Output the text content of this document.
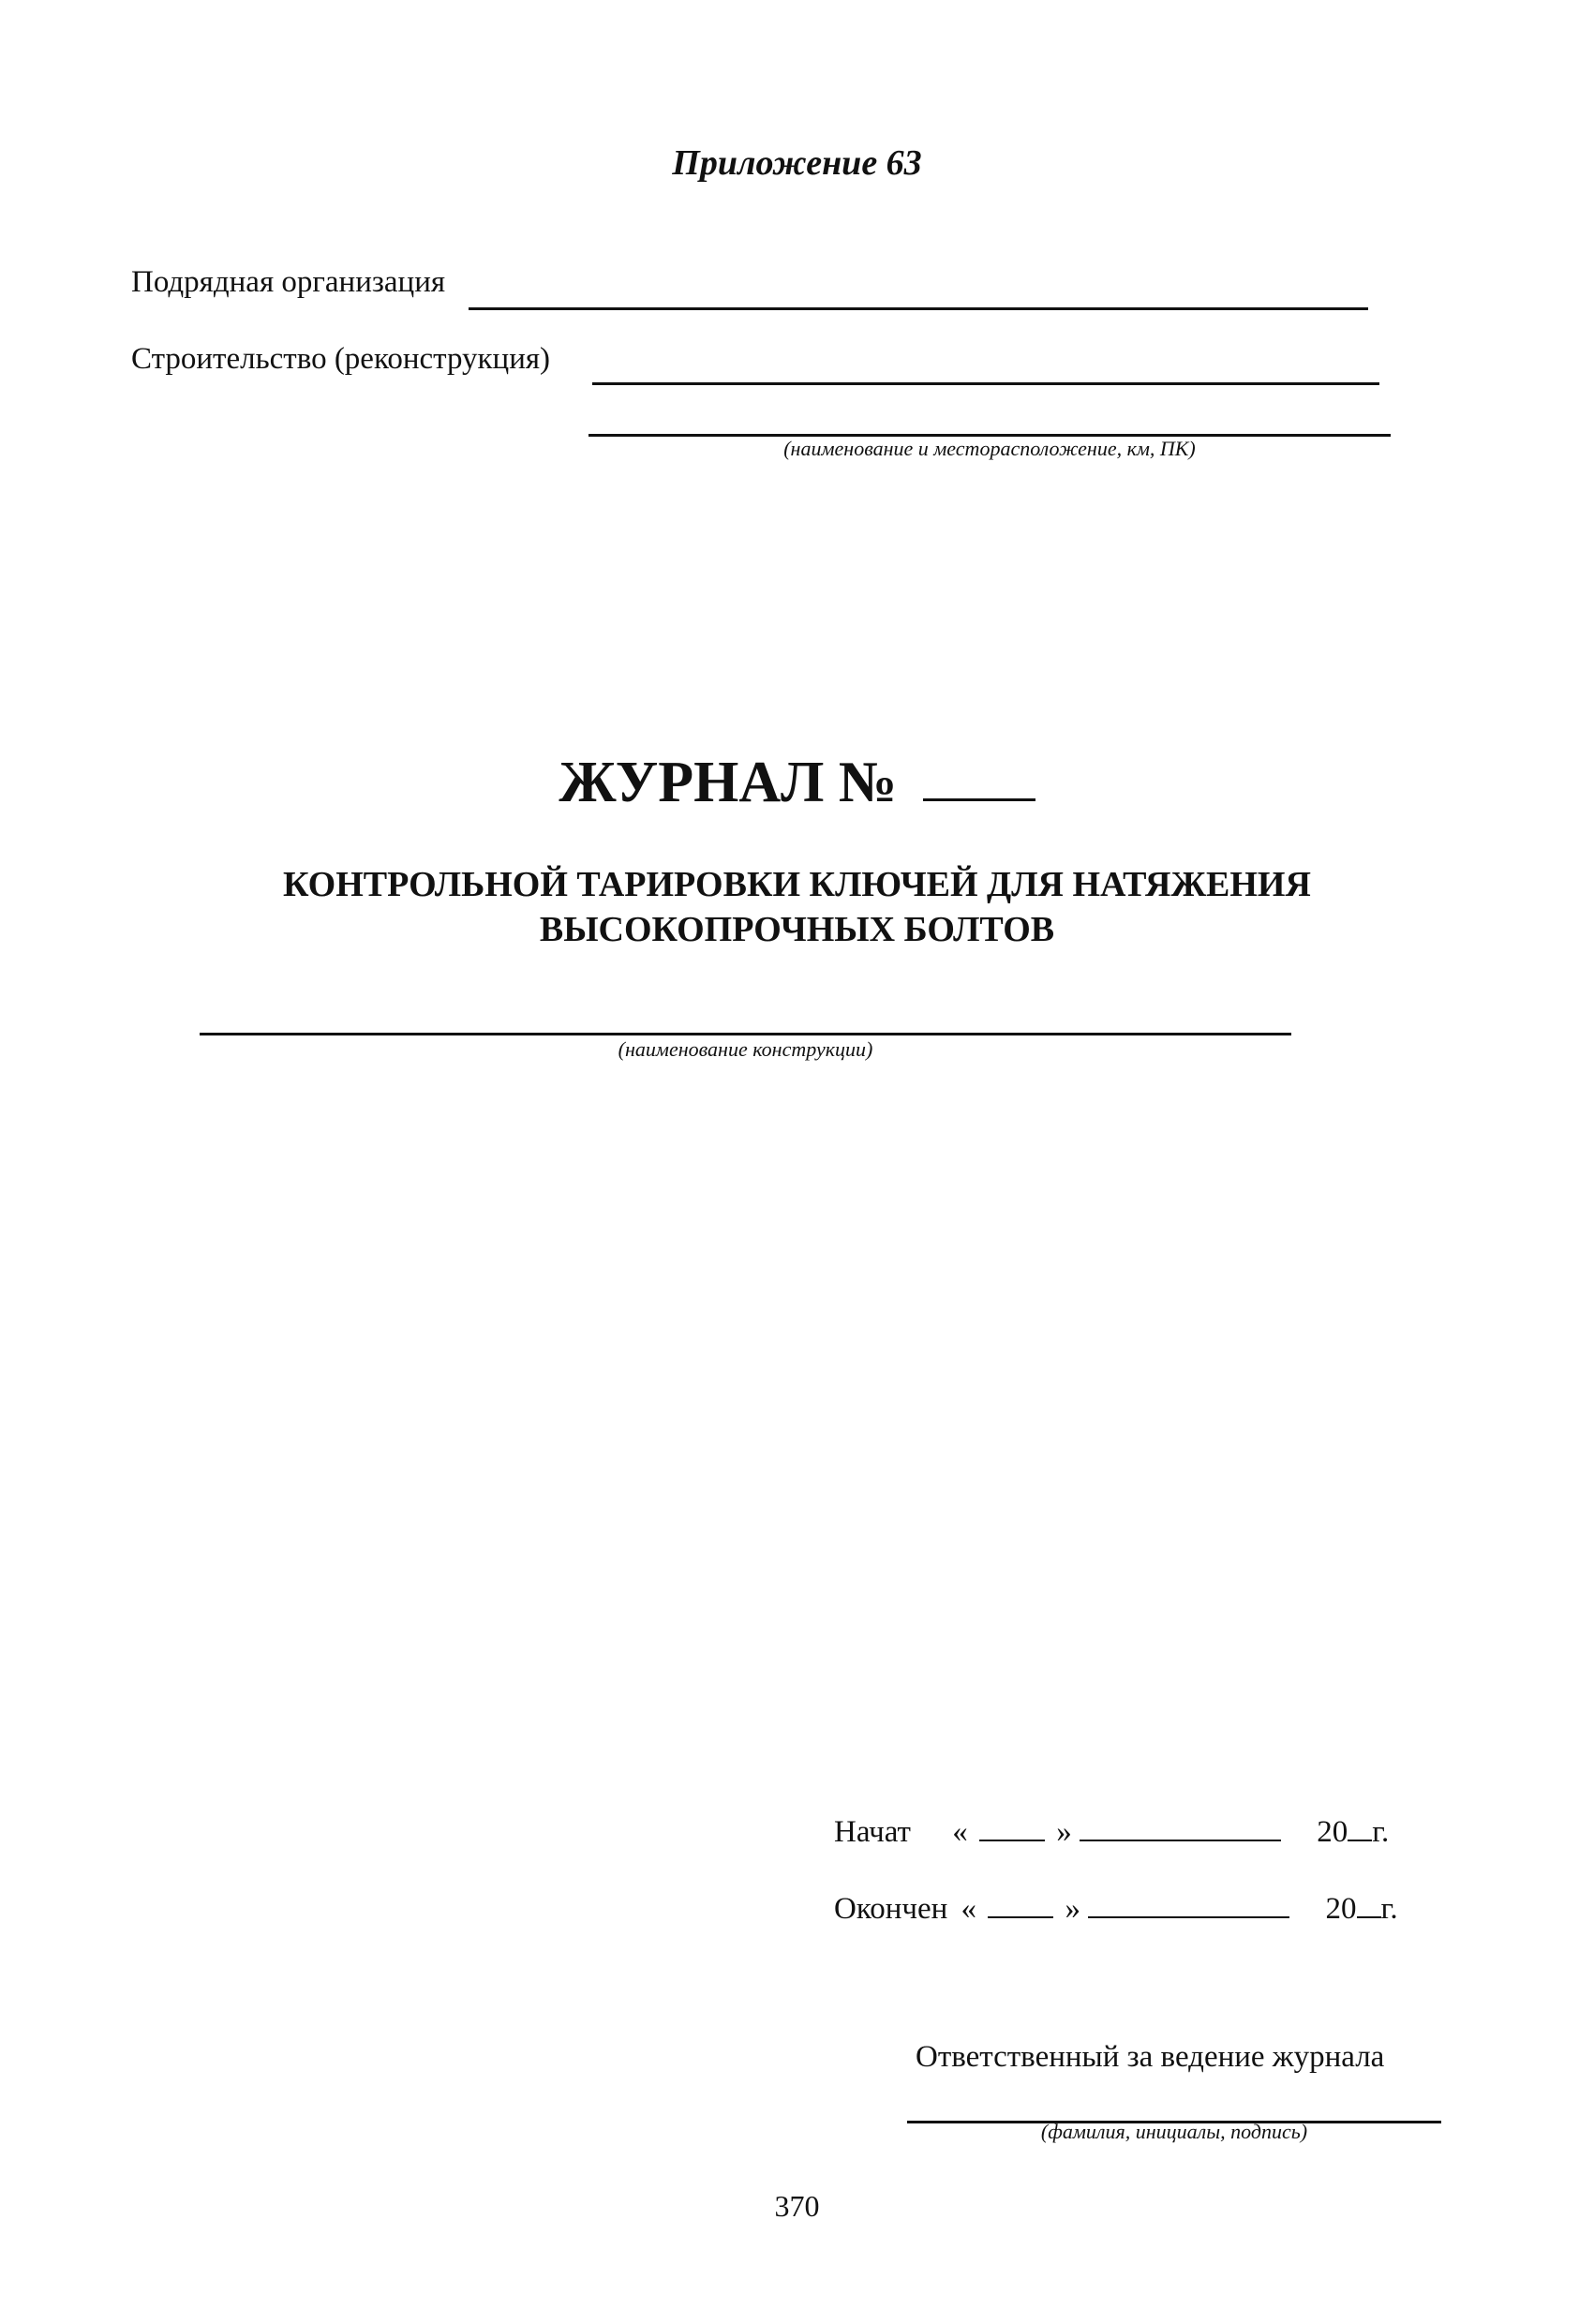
Приложение 63
Подрядная организация
Строительство (реконструкция)
(наименование и месторасположение, км, ПК)
ЖУРНАЛ №
КОНТРОЛЬНОЙ ТАРИРОВКИ КЛЮЧЕЙ ДЛЯ НАТЯЖЕНИЯ
ВЫСОКОПРОЧНЫХ БОЛТОВ
(наименование конструкции)
Начат «	»	20 г.
Окончен «	»	20 г.
Ответственный за ведение журнала
(фамилия, инициалы, подпись)
370
